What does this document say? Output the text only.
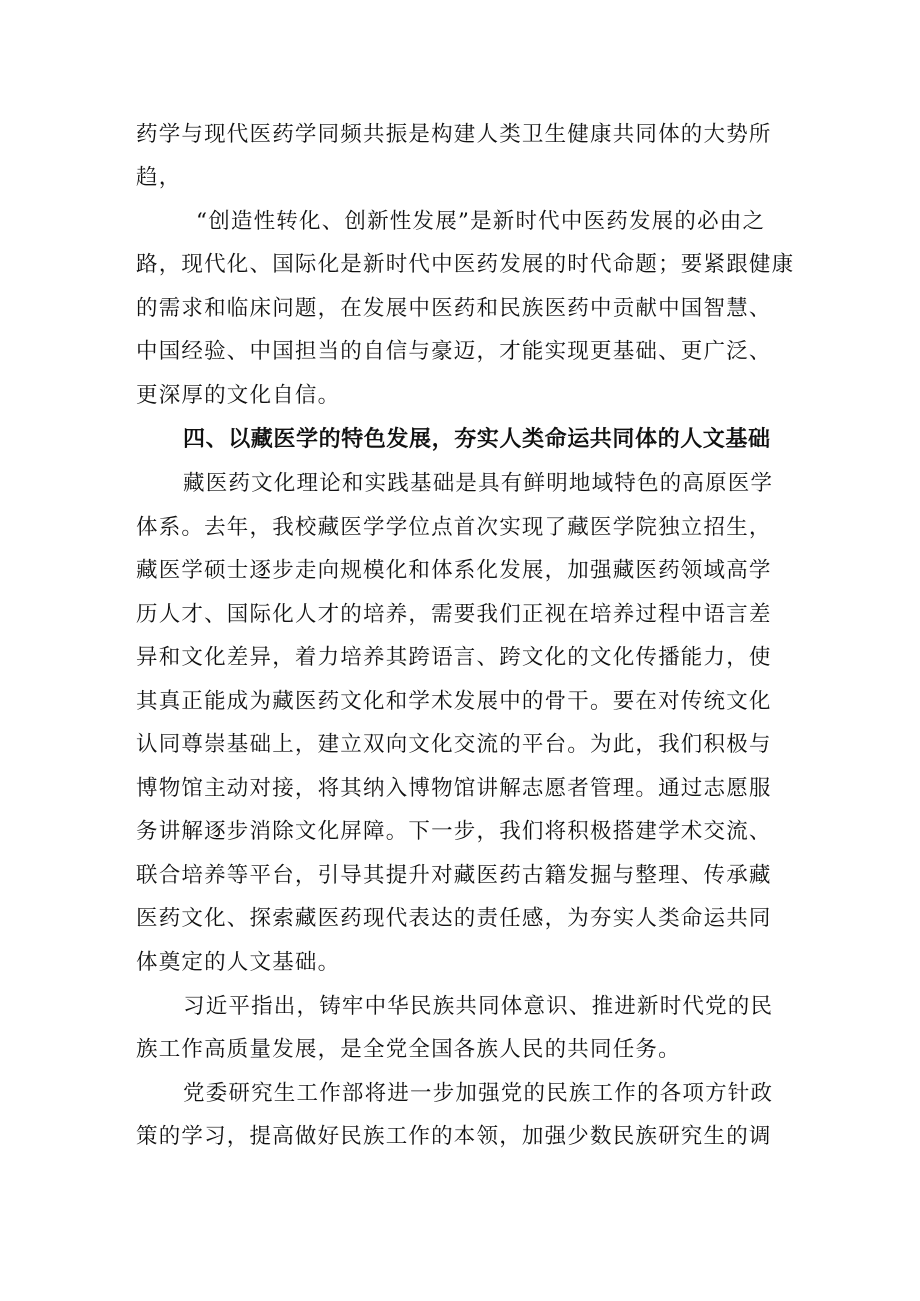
药学与现代医药学同频共振是构建人类卫生健康共同体的大势所
趋，
“创造性转化、创新性发展”是新时代中医药发展的必由之
路，现代化、国际化是新时代中医药发展的时代命题；要紧跟健康
的需求和临床问题，在发展中医药和民族医药中贡献中国智慧、
中国经验、中国担当的自信与豪迈，才能实现更基础、更广泛、
更深厚的文化自信。
四、以藏医学的特色发展，夯实人类命运共同体的人文基础
藏医药文化理论和实践基础是具有鲜明地域特色的高原医学
体系。去年，我校藏医学学位点首次实现了藏医学院独立招生，
藏医学硕士逐步走向规模化和体系化发展，加强藏医药领域高学
历人才、国际化人才的培养，需要我们正视在培养过程中语言差
异和文化差异，着力培养其跨语言、跨文化的文化传播能力，使
其真正能成为藏医药文化和学术发展中的骨干。要在对传统文化
认同尊崇基础上，建立双向文化交流的平台。为此，我们积极与
博物馆主动对接，将其纳入博物馆讲解志愿者管理。通过志愿服
务讲解逐步消除文化屏障。下一步，我们将积极搭建学术交流、
联合培养等平台，引导其提升对藏医药古籍发掘与整理、传承藏
医药文化、探索藏医药现代表达的责任感，为夯实人类命运共同
体奠定的人文基础。
习近平指出，铸牢中华民族共同体意识、推进新时代党的民
族工作高质量发展，是全党全国各族人民的共同任务。
党委研究生工作部将进一步加强党的民族工作的各项方针政
策的学习，提高做好民族工作的本领，加强少数民族研究生的调
